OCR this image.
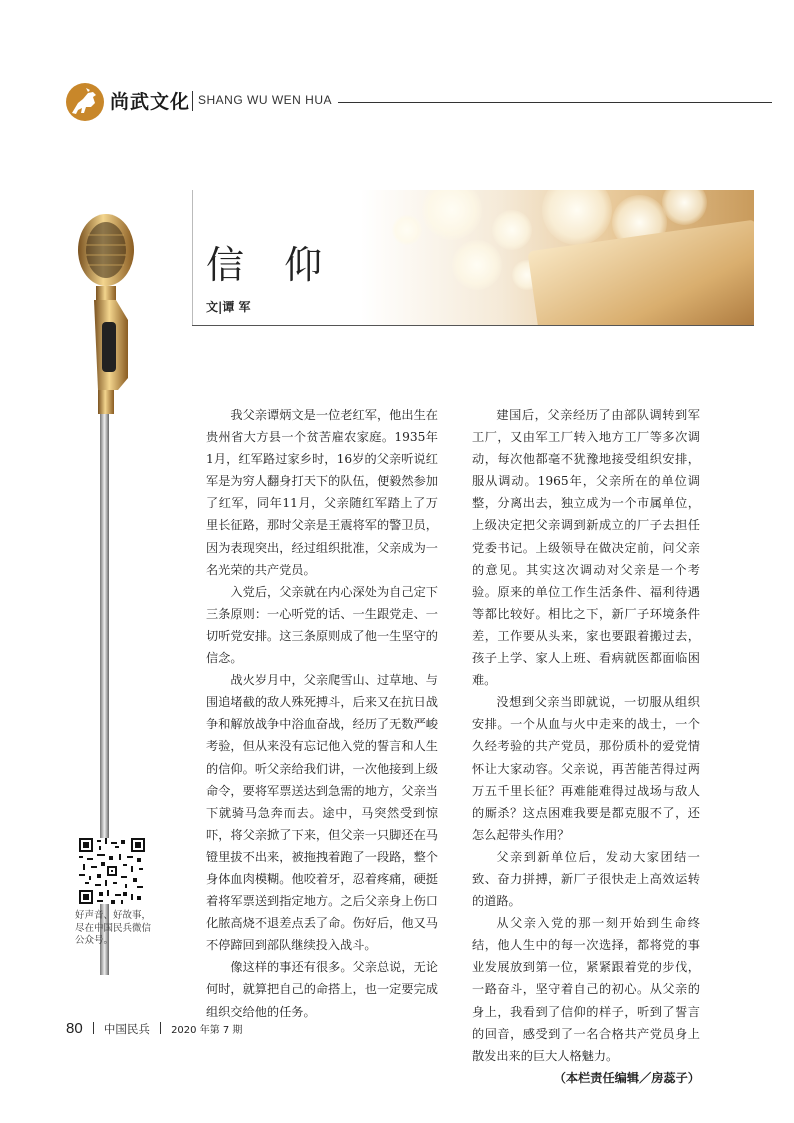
尚武文化 SHANG WU WEN HUA
信 仰
文|谭 军

我父亲谭炳文是一位老红军，他出生在贵州省大方县一个贫苦雇农家庭。1935年1月，红军路过家乡时，16岁的父亲听说红军是为穷人翻身打天下的队伍，便毅然参加了红军，同年11月，父亲随红军踏上了万里长征路，那时父亲是王震将军的警卫员，因为表现突出，经过组织批准，父亲成为一名光荣的共产党员。

入党后，父亲就在内心深处为自己定下三条原则：一心听党的话、一生跟党走、一切听党安排。这三条原则成了他一生坚守的信念。

战火岁月中，父亲爬雪山、过草地、与围追堵截的敌人殊死搏斗，后来又在抗日战争和解放战争中浴血奋战，经历了无数严峻考验，但从来没有忘记他入党的誓言和人生的信仰。听父亲给我们讲，一次他接到上级命令，要将军票送达到急需的地方，父亲当下就骑马急奔而去。途中，马突然受到惊吓，将父亲掀了下来，但父亲一只脚还在马镫里拔不出来，被拖拽着跑了一段路，整个身体血肉模糊。他咬着牙，忍着疼痛，硬挺着将军票送到指定地方。之后父亲身上伤口化脓高烧不退差点丢了命。伤好后，他又马不停蹄回到部队继续投入战斗。

像这样的事还有很多。父亲总说，无论何时，就算把自己的命搭上，也一定要完成组织交给他的任务。

建国后，父亲经历了由部队调转到军工厂，又由军工厂转入地方工厂等多次调动，每次他都毫不犹豫地接受组织安排，服从调动。1965年，父亲所在的单位调整，分离出去，独立成为一个市属单位，上级决定把父亲调到新成立的厂子去担任党委书记。上级领导在做决定前，问父亲的意见。其实这次调动对父亲是一个考验。原来的单位工作生活条件、福利待遇等都比较好。相比之下，新厂子环境条件差，工作要从头来，家也要跟着搬过去，孩子上学、家人上班、看病就医都面临困难。

没想到父亲当即就说，一切服从组织安排。一个从血与火中走来的战士，一个久经考验的共产党员，那份质朴的爱党情怀让大家动容。父亲说，再苦能苦得过两万五千里长征？再难能难得过战场与敌人的厮杀？这点困难我要是都克服不了，还怎么起带头作用？

父亲到新单位后，发动大家团结一致、奋力拼搏，新厂子很快走上高效运转的道路。

从父亲入党的那一刻开始到生命终结，他人生中的每一次选择，都将党的事业发展放到第一位，紧紧跟着党的步伐，一路奋斗，坚守着自己的初心。从父亲的身上，我看到了信仰的样子，听到了誓言的回音，感受到了一名合格共产党员身上散发出来的巨大人格魅力。

（本栏责任编辑／房蕊子）
好声音、好故事，尽在中国民兵微信公众号。
80 中国民兵 2020 年第 7 期
